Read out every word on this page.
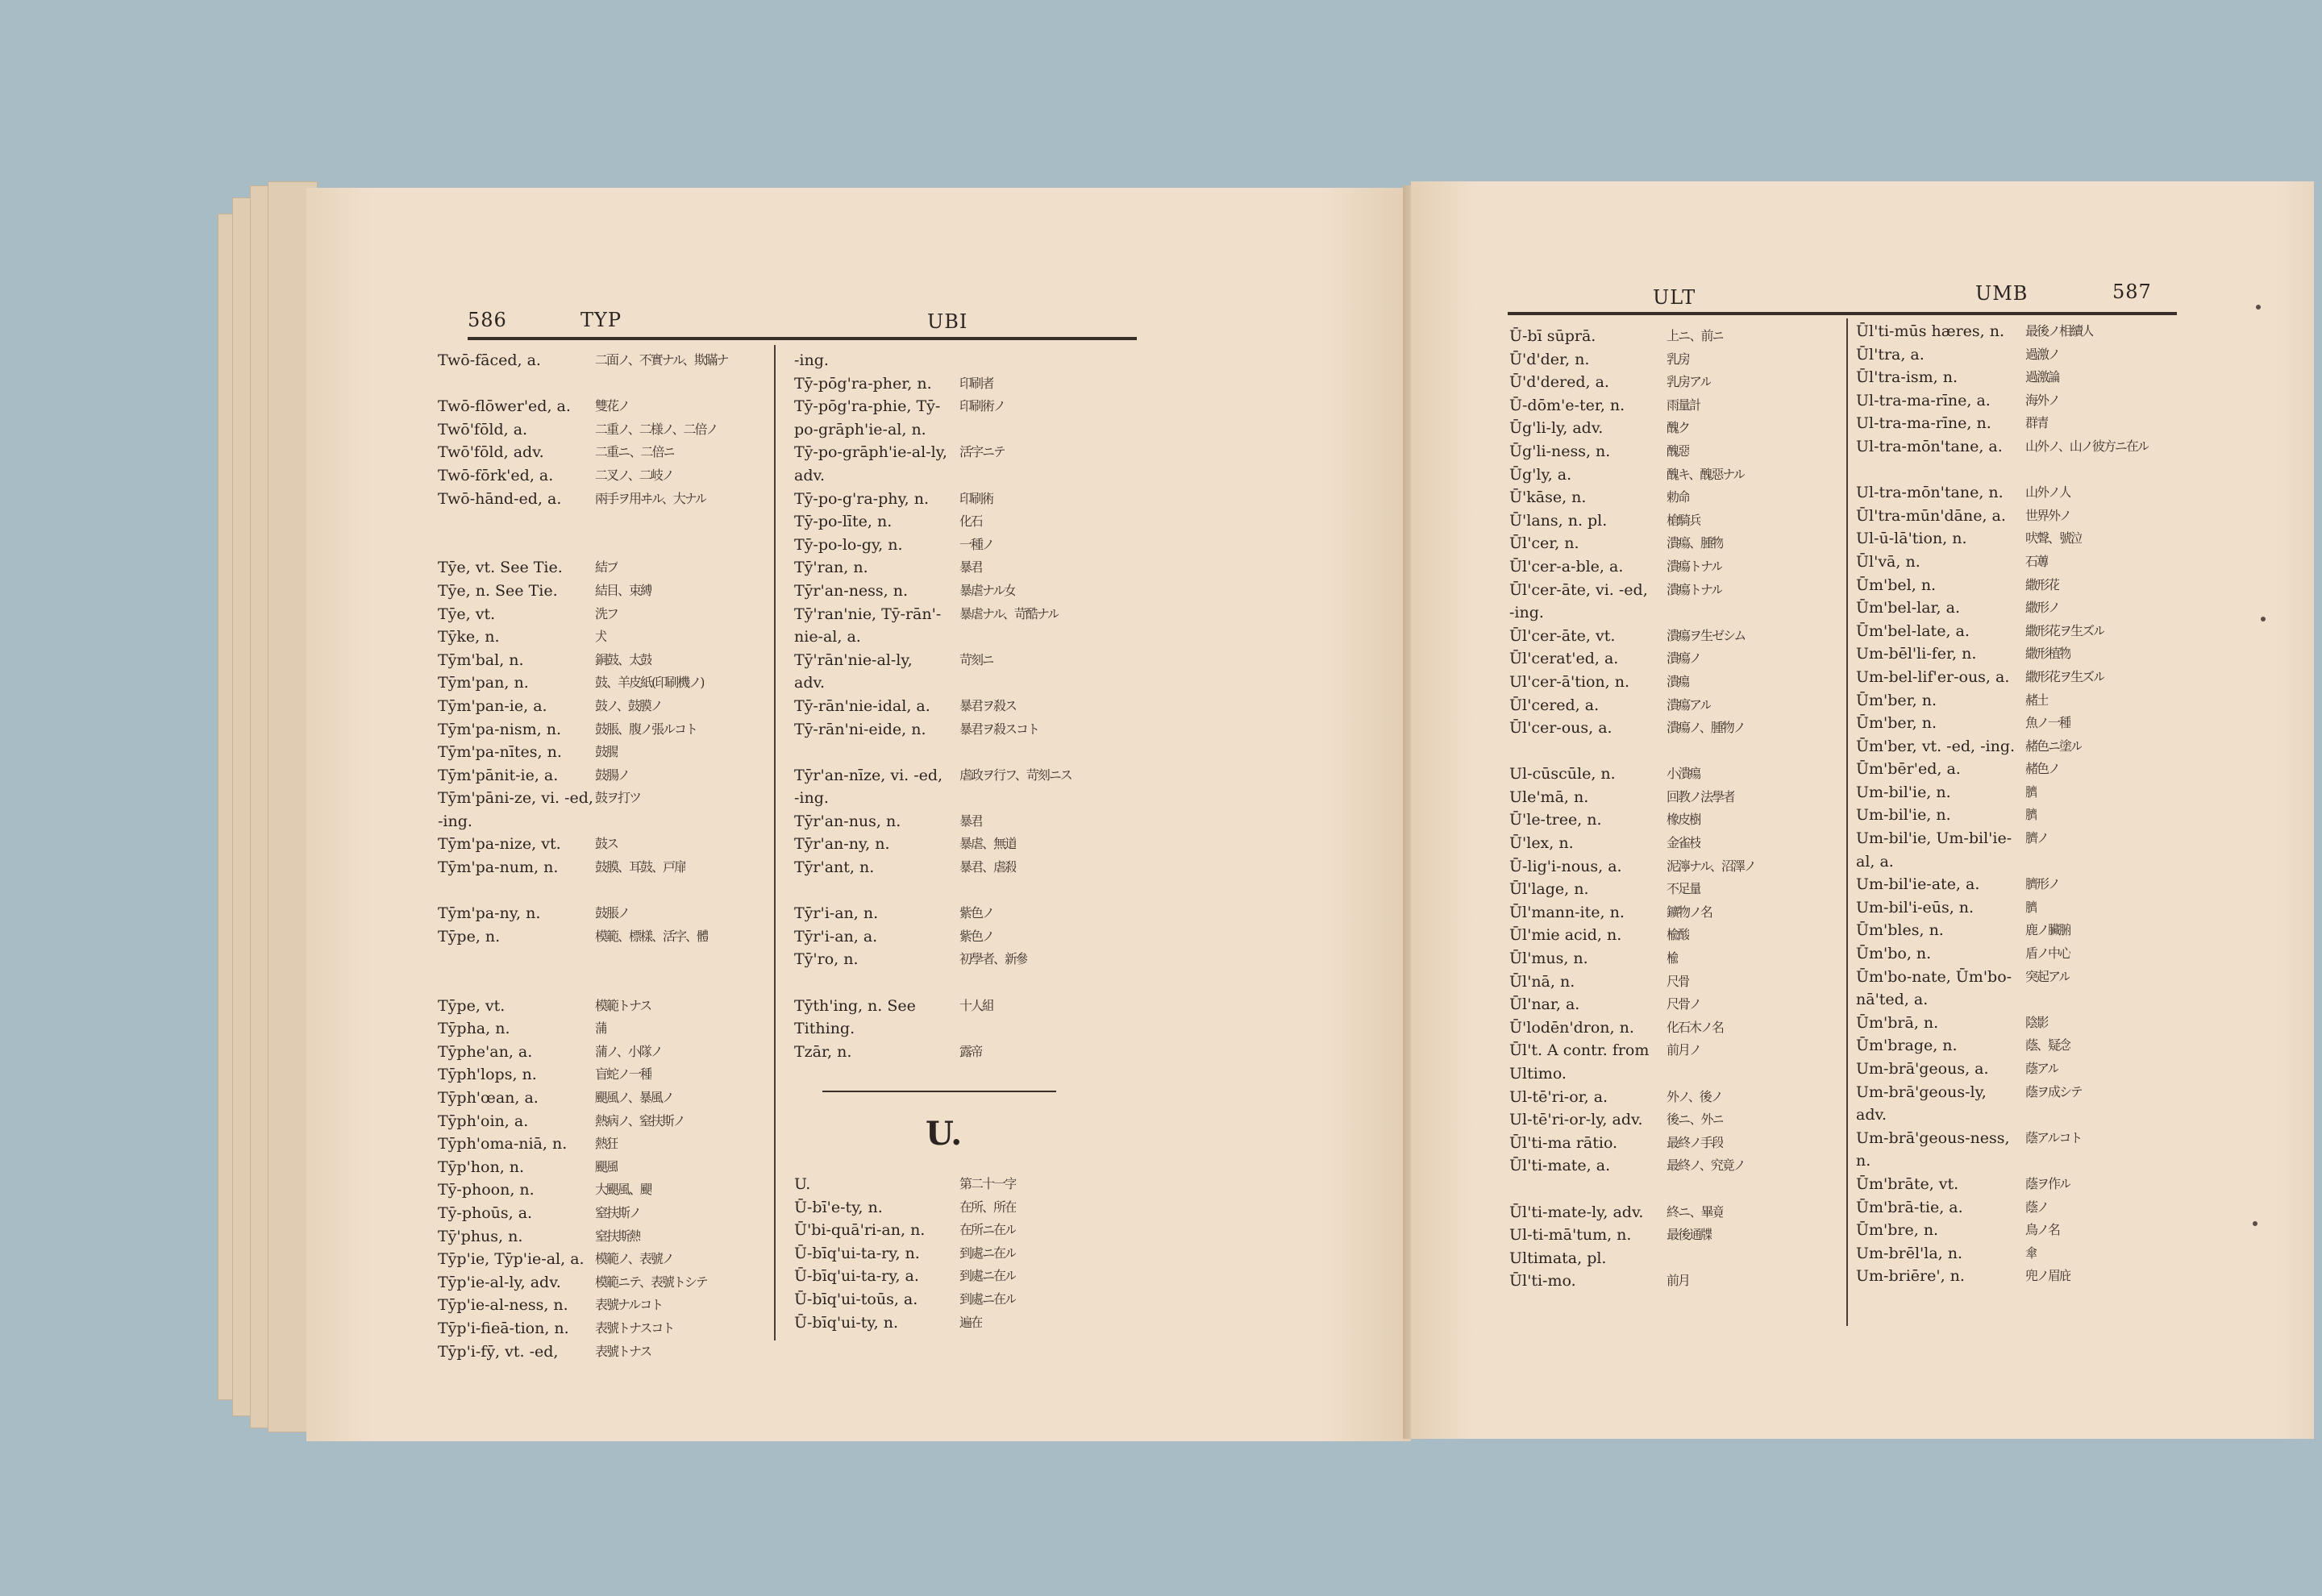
586	TYP	UBI
Twō-fāced, a.	二面ノ、不實ナル、欺瞞ナ
Twō-flōwer'ed, a.	雙花ノ
Twō'fōld, a.	二重ノ、二様ノ、二倍ノ
Twō'fōld, adv.	二重ニ、二倍ニ
Twō-fōrk'ed, a.	二叉ノ、二岐ノ
Twō-hānd-ed, a.	兩手ヲ用ヰル、大ナル
Tȳe, vt. See Tie.	結ブ
Tȳe, n. See Tie.	結目、束縛
Tȳe, vt.	洗フ
Tȳke, n.	犬
Tȳm'bal, n.	銅鼓、太鼓
Tȳm'pan, n.	鼓、羊皮紙(印刷機ノ)
Tȳm'pan-ie, a.	鼓ノ、鼓膜ノ
Tȳm'pa-nism, n.	鼓脹、腹ノ張ルコト
Tȳm'pa-nītes, n.	鼓腸
Tȳm'pānit-ie, a.	鼓腸ノ
Tȳm'pāni-ze, vi. -ed, 鼓ヲ打ツ
-ing.
Tȳm'pa-nize, vt.	鼓ス
Tȳm'pa-num, n.	鼓膜、耳鼓、戸扉
Tȳm'pa-ny, n.	鼓脹ノ
Tȳpe, n.	模範、標樣、活字、體
Tȳpe, vt.	模範トナス
Tȳpha, n.	蒲
Tȳphe'an, a.	蒲ノ、小隊ノ
Tȳph'lops, n.	盲蛇ノ一種
Tȳph'œan, a.	颶風ノ、暴風ノ
Tȳph'oin, a.	熱病ノ、窒扶斯ノ
Tȳph'oma-niā, n.	熱狂
Tȳp'hon, n.	颶風
Tȳ-phoon, n.	大颶風、颶
Tȳ-phoūs, a.	窒扶斯ノ
Tȳ'phus, n.	窒扶斯熱
Tȳp'ie, Tȳp'ie-al, a. 模範ノ、表號ノ
Tȳp'ie-al-ly, adv.	模範ニテ、表號トシテ
Tȳp'ie-al-ness, n.	表號ナルコト
Tȳp'i-fieā-tion, n.	表號トナスコト
Tȳp'i-fȳ, vt. -ed,	表號トナス
-ing.
Tȳ-pōg'ra-pher, n.	印刷者
Tȳ-pōg'ra-phie, Tȳ-	印刷術ノ
po-grāph'ie-al, n.
Tȳ-po-grāph'ie-al-ly, 活字ニテ
adv.
Tȳ-po-g'ra-phy, n.	印刷術
Tȳ-po-līte, n.	化石
Tȳ-po-lo-gy, n.	一種ノ
Tȳ'ran, n.	暴君
Tȳr'an-ness, n.	暴虐ナル女
Tȳ'ran'nie, Tȳ-rān'-	暴虐ナル、苛酷ナル
nie-al, a.
Tȳ'rān'nie-al-ly,	苛刻ニ
adv.
Tȳ-rān'nie-idal, a.	暴君ヲ殺ス
Tȳ-rān'ni-eide, n.	暴君ヲ殺スコト
Tȳr'an-nīze, vi. -ed,	虐政ヲ行フ、苛刻ニス
-ing.
Tȳr'an-nus, n.	暴君
Tȳr'an-ny, n.	暴虐、無道
Tȳr'ant, n.	暴君、虐殺
Tȳr'i-an, n.	紫色ノ
Tȳr'i-an, a.	紫色ノ
Tȳ'ro, n.	初學者、新參
Tȳth'ing, n. See	十人組
Tithing.
Tzār, n.	露帝
U.
U.	第二十一字
Ū-bī'e-ty, n.	在所、所在
Ū'bi-quā'ri-an, n.	在所ニ在ル
Ū-bīq'ui-ta-ry, n.	到處ニ在ル
Ū-bīq'ui-ta-ry, a.	到處ニ在ル
Ū-bīq'ui-toūs, a.	到處ニ在ル
Ū-bīq'ui-ty, n.	遍在
ULT	UMB	587
Ū-bī sūprā.	上ニ、前ニ
Ū'd'der, n.	乳房
Ū'd'dered, a.	乳房アル
Ū-dōm'e-ter, n.	雨量計
Ūg'li-ly, adv.	醜ク
Ūg'li-ness, n.	醜惡
Ūg'ly, a.	醜キ、醜惡ナル
Ū'kāse, n.	勅命
Ū'lans, n. pl.	槍騎兵
Ūl'cer, n.	潰瘍、腫物
Ūl'cer-a-ble, a.	潰瘍トナル
Ūl'cer-āte, vi. -ed,	潰瘍トナル
-ing.
Ūl'cer-āte, vt.	潰瘍ヲ生ゼシム
Ūl'cerat'ed, a.	潰瘍ノ
Ul'cer-ā'tion, n.	潰瘍
Ūl'cered, a.	潰瘍アル
Ūl'cer-ous, a.	潰瘍ノ、腫物ノ
Ul-cūscūle, n.	小潰瘍
Ule'mā, n.	回教ノ法學者
Ū'le-tree, n.	橡皮樹
Ū'lex, n.	金雀枝
Ū-lig'i-nous, a.	泥濘ナル、沼澤ノ
Ūl'lage, n.	不足量
Ūl'mann-ite, n.	鑛物ノ名
Ūl'mie acid, n.	楡酸
Ūl'mus, n.	楡
Ūl'nā, n.	尺骨
Ūl'nar, a.	尺骨ノ
Ū'lodēn'dron, n.	化石木ノ名
Ūl't. A contr. from	前月ノ
Ultimo.
Ul-tē'ri-or, a.	外ノ、後ノ
Ul-tē'ri-or-ly, adv.	後ニ、外ニ
Ūl'ti-ma rātio.	最終ノ手段
Ūl'ti-mate, a.	最終ノ、究竟ノ
Ūl'ti-mate-ly, adv.	終ニ、畢竟
Ul-ti-mā'tum, n.	最後通牒
Ultimata, pl.
Ūl'ti-mo.	前月
Ūl'ti-mūs hæres, n.	最後ノ相續人
Ūl'tra, a.	過激ノ
Ūl'tra-ism, n.	過激論
Ul-tra-ma-rīne, a.	海外ノ
Ul-tra-ma-rīne, n.	群青
Ul-tra-mōn'tane, a.	山外ノ、山ノ彼方ニ在ル
Ul-tra-mōn'tane, n.	山外ノ人
Ūl'tra-mūn'dāne, a.	世界外ノ
Ul-ū-lā'tion, n.	吠聲、號泣
Ūl'vā, n.	石蓴
Ūm'bel, n.	繖形花
Ūm'bel-lar, a.	繖形ノ
Ūm'bel-late, a.	繖形花ヲ生ズル
Um-bēl'li-fer, n.	繖形植物
Um-bel-lif'er-ous, a.	繖形花ヲ生ズル
Ūm'ber, n.	赭土
Ūm'ber, n.	魚ノ一種
Ūm'ber, vt. -ed, -ing. 赭色ニ塗ル
Ūm'bēr'ed, a.	赭色ノ
Um-bil'ie, n.	臍
Um-bil'ie, n.	臍
Um-bil'ie, Um-bil'ie-	臍ノ
al, a.
Um-bil'ie-ate, a.	臍形ノ
Um-bil'i-eūs, n.	臍
Ūm'bles, n.	鹿ノ臟腑
Ūm'bo, n.	盾ノ中心
Ūm'bo-nate, Ūm'bo-	突起アル
nā'ted, a.
Ūm'brā, n.	陰影
Ūm'brage, n.	蔭、疑念
Um-brā'geous, a.	蔭アル
Um-brā'geous-ly,	蔭ヲ成シテ
adv.
Um-brā'geous-ness,	蔭アルコト
n.
Ūm'brāte, vt.	蔭ヲ作ル
Ūm'brā-tie, a.	蔭ノ
Ūm'bre, n.	鳥ノ名
Um-brēl'la, n.	傘
Um-briēre', n.	兜ノ眉庇
